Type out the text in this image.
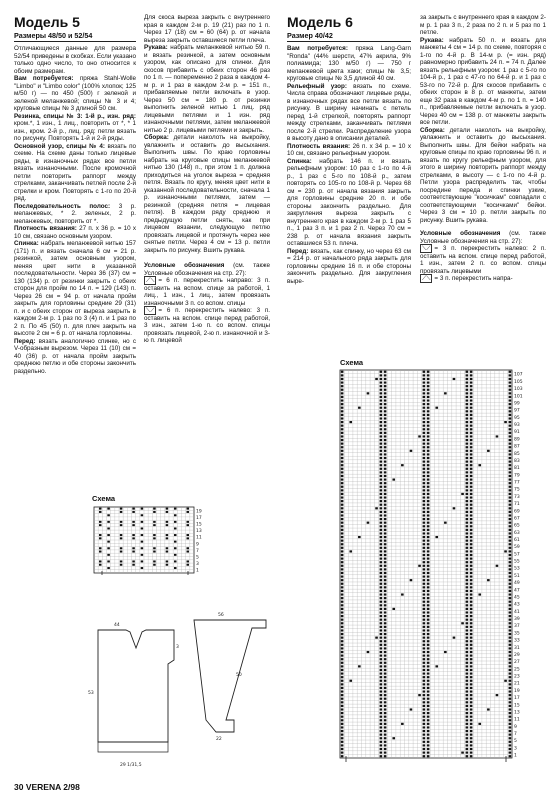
Модель 5
Размеры 48/50 и 52/54

Отличающиеся данные для размера 52/54 приведены в скобках. Если указано только одно число, то оно относится к обоим размерам.

Вам потребуется: пряжа Stahl-Wolle "Limbo" и "Limbo color" (100% хлопок; 125 м/50 г) — по 450 (500) г зеленой и зеленой меланжевой; спицы № 3 и 4; круговые спицы № 3 длиной 50 см.

Резинка, спицы № 3: 1-й р., изн. ряд: кром.*, 1 изн., 1 лиц., повторить от *, * 1 изн., кром. 2-й р., лиц. ряд: петли вязать по рисунку. Повторять 1-й и 2-й ряды.

Основной узор, спицы № 4: вязать по схеме. На схеме даны только лицевые ряды, в изнаночных рядах все петли вязать изнаночными. После кромочной петли повторить раппорт между стрелками, заканчивать петлей после 2-й стрелки и кром. Повторять с 1-го по 20-й ряд.

Последовательность полос: 3 р. меланжевых, * 2. зеленых, 2 р. меланжевых, повторить от *.

Плотность вязания: 27 п. х 36 р. = 10 х 10 см, связано основным узором.

Спинка: набрать меланжевой нитью 157 (171) п. и вязать сначала 6 см = 21 р. резинкой, затем основным узором, меняя цвет нити в указанной последовательности. Через 36 (37) см = 130 (134) р. от резинки закрыть с обеих сторон для пройм по 14 п. = 129 (143) п. Через 26 см = 94 р. от начала пройм закрыть для горловины средние 29 (31) п. и с обеих сторон от выреза закрыть в каждом 2-м р. 1 раз по 3 (4) п. и 1 раз по 2 п. По 45 (50) п. для плеч закрыть на высоте 2 см = 6 р. от начала горловины.

Перед: вязать аналогично спинке, но с V-образным вырезом. Через 11 (10) см = 40 (36) р. от начала пройм закрыть среднюю петлю и обе стороны закончить раздельно.

Для скоса выреза закрыть с внутреннего края в каждом 2-м р. 19 (21) раз по 1 п. Через 17 (18) см = 60 (64) р. от начала выреза закрыть оставшиеся петли плеча.

Рукава: набрать меланжевой нитью 59 п. и вязать резинкой, а затем основным узором, как описано для спинки. Для скосов прибавить с обеих сторон 46 раз по 1 п. — попеременно 2 раза в каждом 4-м р. и 1 раз в каждом 2-м р. = 151 п., прибавляемые петли включать в узор. Через 50 см = 180 р. от резинки выполнить зеленой нитью 1 лиц. ряд лицевыми петлями и 1 изн. ряд изнаночными петлями, затем меланжевой нитью 2 р. лицевыми петлями и закрыть.

Сборка: детали наколоть на выкройку, увлажнить и оставить до высыхания. Выполнить швы. По краю горловины набрать на круговые спицы меланжевой нитью 130 (148) п., при этом 1 п. должна приходиться на уголок выреза = средняя петля. Вязать по кругу, меняя цвет нити в указанной последовательности, сначала 1 р. изнаночными петлями, затем — резинкой (средняя петля = лицевая петля). В каждом ряду среднюю и предыдущую петли снять, как при лицевом вязании, следующую петлю провязать лицевой и протянуть через нее снятые петли. Через 4 см = 13 р. петли закрыть по рисунку. Вшить рукава.

Условные обозначения (см. также Условные обозначения на стр. 27):

⟋⟍ = 6 п. перекрестить направо: 3 п. оставить на вспом. спице за работой, 1 лиц., 1 изн., 1 лиц., затем провязать изнаночными 3 п. со вспом. спицы

⟍⟋ = 6 п. перекрестить налево: 3 п. оставить на вспом. спице перед работой, 3 изн., затем 1-ю п. со вспом. спицы провязать лицевой, 2-ю п. изнаночной и 3-ю п. лицевой

Модель 6
Размер 40/42

Вам потребуется: пряжа Lang-Garn "Ronda" (44% шерсти, 47% акрила, 9% полиамида; 130 м/50 г) — 750 г меланжевой цвета хаки; спицы № 3,5; круговые спицы № 3,5 длиной 40 см.

Рельефный узор: вязать по схеме. Числа справа обозначают лицевые ряды, в изнаночных рядах все петли вязать по рисунку. В ширину начинать с петель перед 1-й стрелкой, повторять раппорт между стрелками, заканчивать петлями после 2-й стрелки. Распределение узора в высоту дано в описании деталей.

Плотность вязания: 26 п. х 34 р. = 10 х 10 см, связано рельефным узором.

Спинка: набрать 146 п. и вязать рельефным узором: 10 раз с 1-го по 4-й р., 1 раз с 5-го по 108-й р., затем повторять со 105-го по 108-й р. Через 68 см = 230 р. от начала вязания закрыть для горловины средние 20 п. и обе стороны закончить раздельно. Для закругления выреза закрыть с внутреннего края в каждом 2-м р. 1 раз 5 п., 1 раз 3 п. и 1 раз 2 п. Через 70 см = 238 р. от начала вязания закрыть оставшиеся 53 п. плеча.

Перед: вязать, как спинку, но через 63 см = 214 р. от начального ряда закрыть для горловины средние 16 п. и обе стороны закончить раздельно. Для закругления выре-

за закрыть с внутреннего края в каждом 2-м р. 1 раз 3 п., 2 раза по 2 п. и 5 раз по 1 петле.

Рукава: набрать 50 п. и вязать для манжеты 4 см = 14 р. по схеме, повторяя с 1-го по 4-й р. В 14-м р. (= изн. ряд) равномерно прибавить 24 п. = 74 п. Далее вязать рельефным узором: 1 раз с 5-го по 104-й р., 1 раз с 47-го по 64-й р. и 1 раз с 53-го по 72-й р. Для скосов прибавить с обеих сторон в 8 р. от манжеты, затем еще 32 раза в каждом 4-м р. по 1 п. = 140 п., прибавляемые петли включать в узор. Через 40 см = 138 р. от манжеты закрыть все петли.

Сборка: детали наколоть на выкройку, увлажнить и оставить до высыхания. Выполнить швы. Для бейки набрать на круговые спицы по краю горловины 96 п. и вязать по кругу рельефным узором, для этого в ширину повторить раппорт между стрелками, в высоту — с 1-го по 4-й р. Петли узора распределить так, чтобы посредине переда и спинки узкие, соответствующие "косичкам" совпадали с соответствующими "косичками" бейки. Через 3 см = 10 р. петли закрыть по рисунку. Вшить рукава.

Условные обозначения (см. также Условные обозначения на стр. 27):

⟍⟋ = 3 п. перекрестить налево: 2 п. оставить на вспом. спице перед работой, 1 изн., затем 2 п. со вспом. спицы провязать лицевыми

⟋⟍ = 3 п. перекрестить напра-

Схема
19
17
15
13
11
9
7
5
3
1
56
50
22
29 1/31,5
53
3
44
Схема
107
105
103
101
99
97
95
93
91
89
87
85
83
81
79
77
75
73
71
69
67
65
63
61
59
57
55
53
51
49
47
45
43
41
39
37
35
33
31
29
27
25
23
21
19
17
15
13
11
9
7
5
3
1
30 VERENA 2/98
